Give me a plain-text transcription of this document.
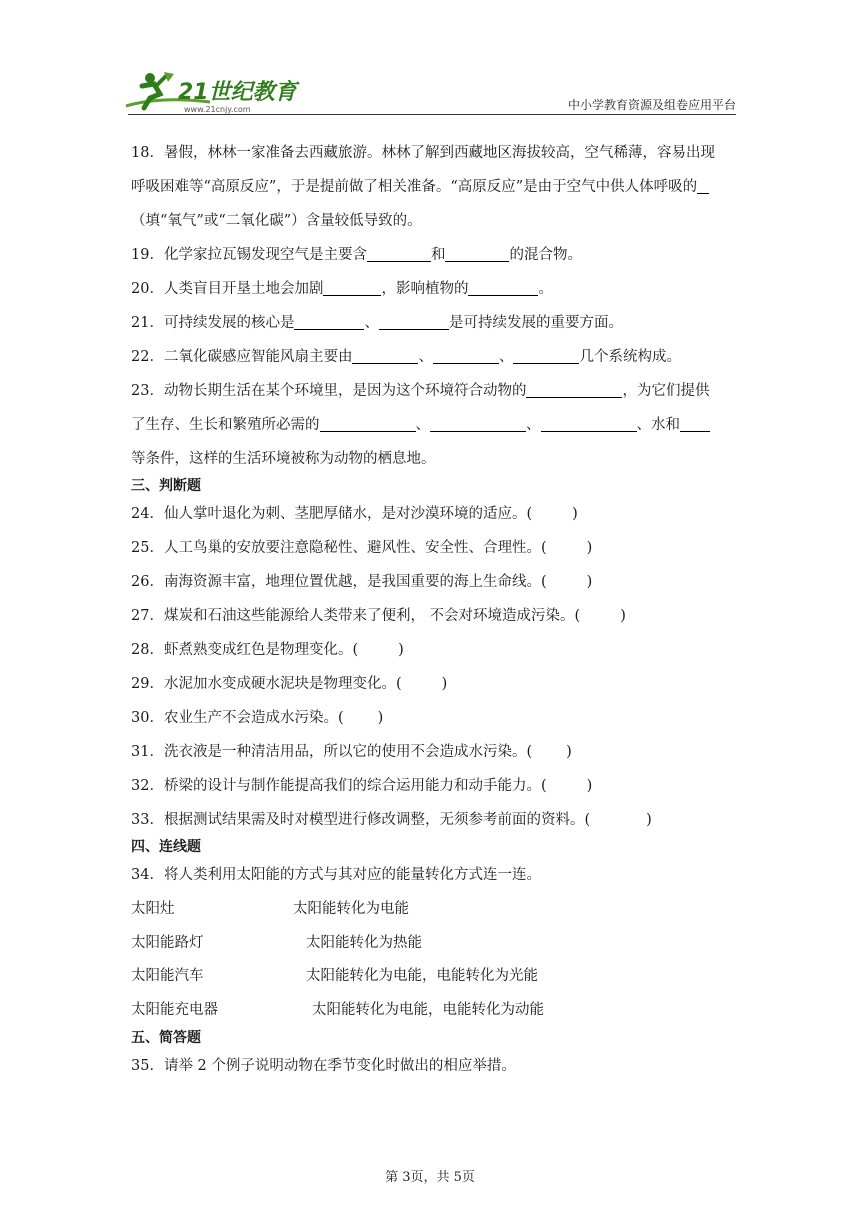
21世纪教育
www.21cnjy.com	中小学教育资源及组卷应用平台
18．暑假，林林一家准备去西藏旅游。林林了解到西藏地区海拔较高，空气稀薄，容易出现
呼吸困难等“高原反应”，于是提前做了相关准备。“高原反应”是由于空气中供人体呼吸的
（填“氧气”或“二氧化碳”）含量较低导致的。
19．化学家拉瓦锡发现空气是主要含	和	的混合物。
20．人类盲目开垦土地会加剧	，影响植物的	。
21．可持续发展的核心是	、	是可持续发展的重要方面。
22．二氧化碳感应智能风扇主要由	、	、	几个系统构成。
23．动物长期生活在某个环境里，是因为这个环境符合动物的	，为它们提供
了生存、生长和繁殖所必需的	、	、	、水和
等条件，这样的生活环境被称为动物的栖息地。
三、判断题
24．仙人掌叶退化为刺、茎肥厚储水，是对沙漠环境的适应。(	)
25．人工鸟巢的安放要注意隐秘性、避风性、安全性、合理性。(	)
26．南海资源丰富，地理位置优越，是我国重要的海上生命线。(	)
27．煤炭和石油这些能源给人类带来了便利， 不会对环境造成污染。(	)
28．虾煮熟变成红色是物理变化。(	)
29．水泥加水变成硬水泥块是物理变化。(	)
30．农业生产不会造成水污染。( )
31．洗衣液是一种清洁用品，所以它的使用不会造成水污染。( )
32．桥梁的设计与制作能提高我们的综合运用能力和动手能力。(	)
33．根据测试结果需及时对模型进行修改调整，无须参考前面的资料。(	)
四、连线题
34．将人类利用太阳能的方式与其对应的能量转化方式连一连。
太阳灶	太阳能转化为电能
太阳能路灯	太阳能转化为热能
太阳能汽车	太阳能转化为电能，电能转化为光能
太阳能充电器	太阳能转化为电能，电能转化为动能
五、简答题
35．请举 2 个例子说明动物在季节变化时做出的相应举措。
第 3页，共 5页
